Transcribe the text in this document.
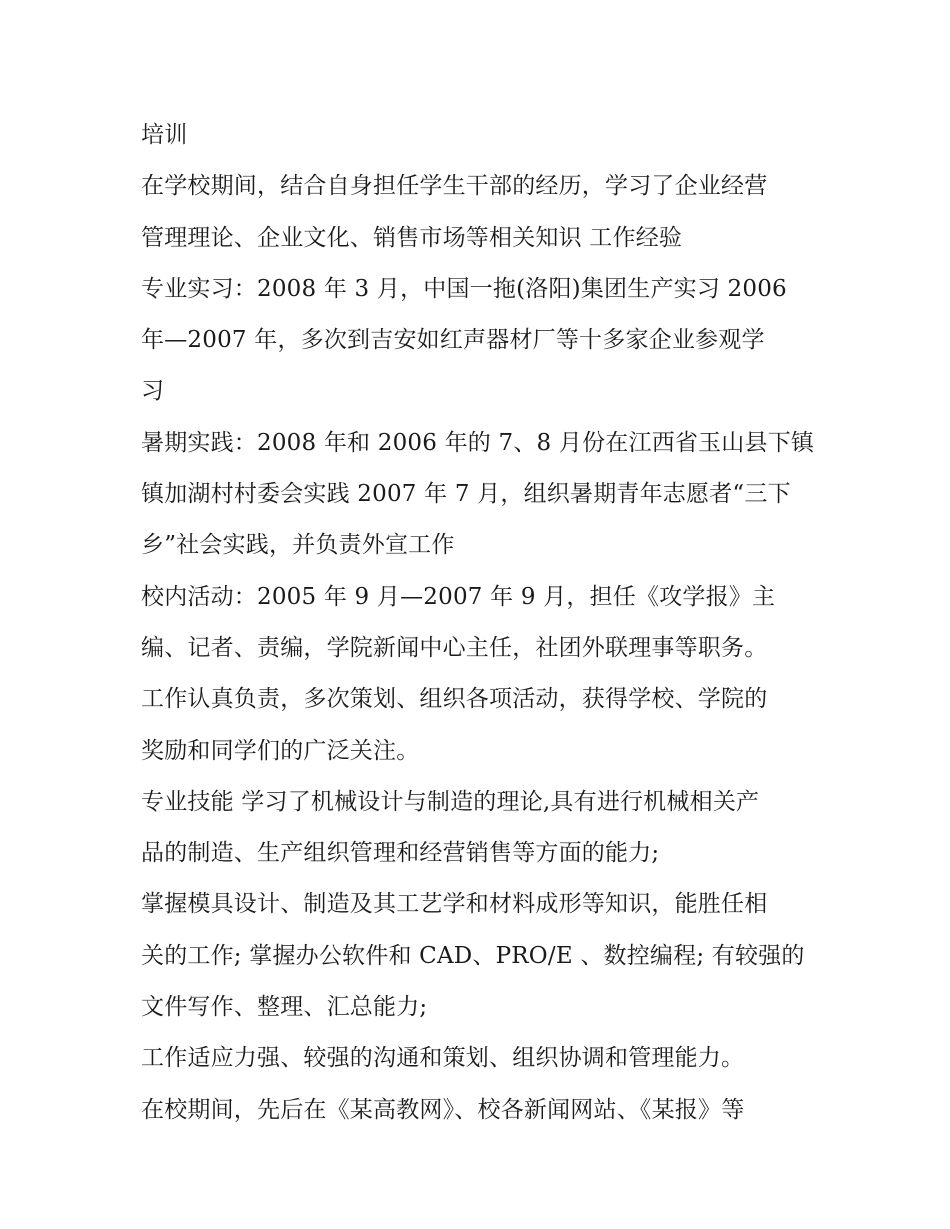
培训
在学校期间，结合自身担任学生干部的经历，学习了企业经营
管理理论、企业文化、销售市场等相关知识 工作经验
专业实习：2008 年 3 月，中国一拖(洛阳)集团生产实习 2006
年—2007 年，多次到吉安如红声器材厂等十多家企业参观学
习
暑期实践：2008 年和 2006 年的 7、8 月份在江西省玉山县下镇
镇加湖村村委会实践 2007 年 7 月，组织暑期青年志愿者“三下
乡”社会实践，并负责外宣工作
校内活动：2005 年 9 月—2007 年 9 月，担任《攻学报》主
编、记者、责编，学院新闻中心主任，社团外联理事等职务。
工作认真负责，多次策划、组织各项活动，获得学校、学院的
奖励和同学们的广泛关注。
专业技能 学习了机械设计与制造的理论,具有进行机械相关产
品的制造、生产组织管理和经营销售等方面的能力;
掌握模具设计、制造及其工艺学和材料成形等知识，能胜任相
关的工作; 掌握办公软件和 CAD、PRO/E 、数控编程; 有较强的
文件写作、整理、汇总能力;
工作适应力强、较强的沟通和策划、组织协调和管理能力。
在校期间，先后在《某高教网》、校各新闻网站、《某报》等
